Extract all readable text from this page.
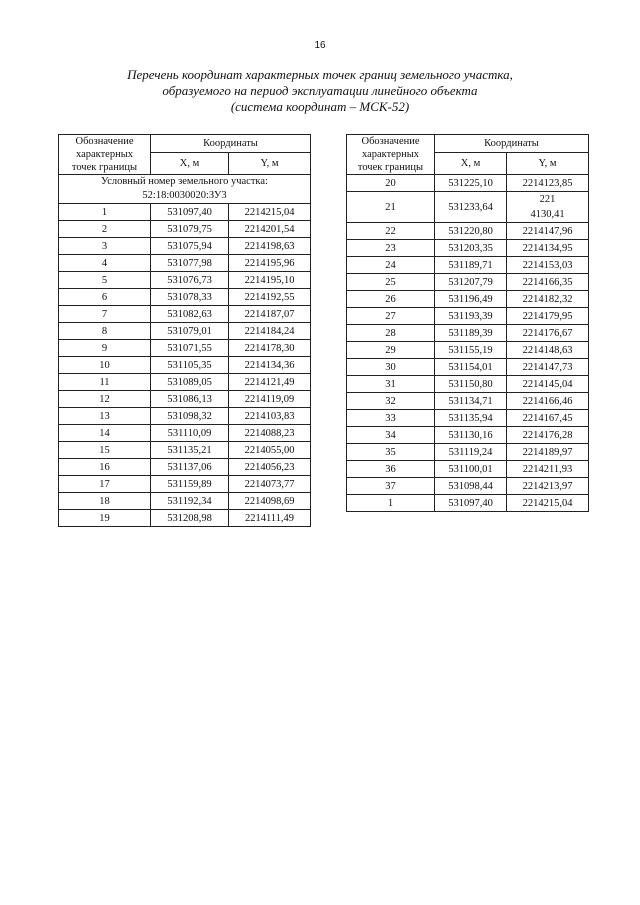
16
Перечень координат характерных точек границ земельного участка,
образуемого на период эксплуатации линейного объекта
(система координат – МСК-52)
Обозначение
характерных
точек границы	Координаты	
	X, м	Y, м
Условный номер земельного участка:
52:18:0030020:ЗУ3		
1	531097,40	2214215,04
2	531079,75	2214201,54
3	531075,94	2214198,63
4	531077,98	2214195,96
5	531076,73	2214195,10
6	531078,33	2214192,55
7	531082,63	2214187,07
8	531079,01	2214184,24
9	531071,55	2214178,30
10	531105,35	2214134,36
11	531089,05	2214121,49
12	531086,13	2214119,09
13	531098,32	2214103,83
14	531110,09	2214088,23
15	531135,21	2214055,00
16	531137,06	2214056,23
17	531159,89	2214073,77
18	531192,34	2214098,69
19	531208,98	2214111,49
Обозначение
характерных
точек границы	Координаты	
	X, м	Y, м
20	531225,10	2214123,85
21	531233,64	221
4130,41
22	531220,80	2214147,96
23	531203,35	2214134,95
24	531189,71	2214153,03
25	531207,79	2214166,35
26	531196,49	2214182,32
27	531193,39	2214179,95
28	531189,39	2214176,67
29	531155,19	2214148,63
30	531154,01	2214147,73
31	531150,80	2214145,04
32	531134,71	2214166,46
33	531135,94	2214167,45
34	531130,16	2214176,28
35	531119,24	2214189,97
36	531100,01	2214211,93
37	531098,44	2214213,97
1	531097,40	2214215,04
